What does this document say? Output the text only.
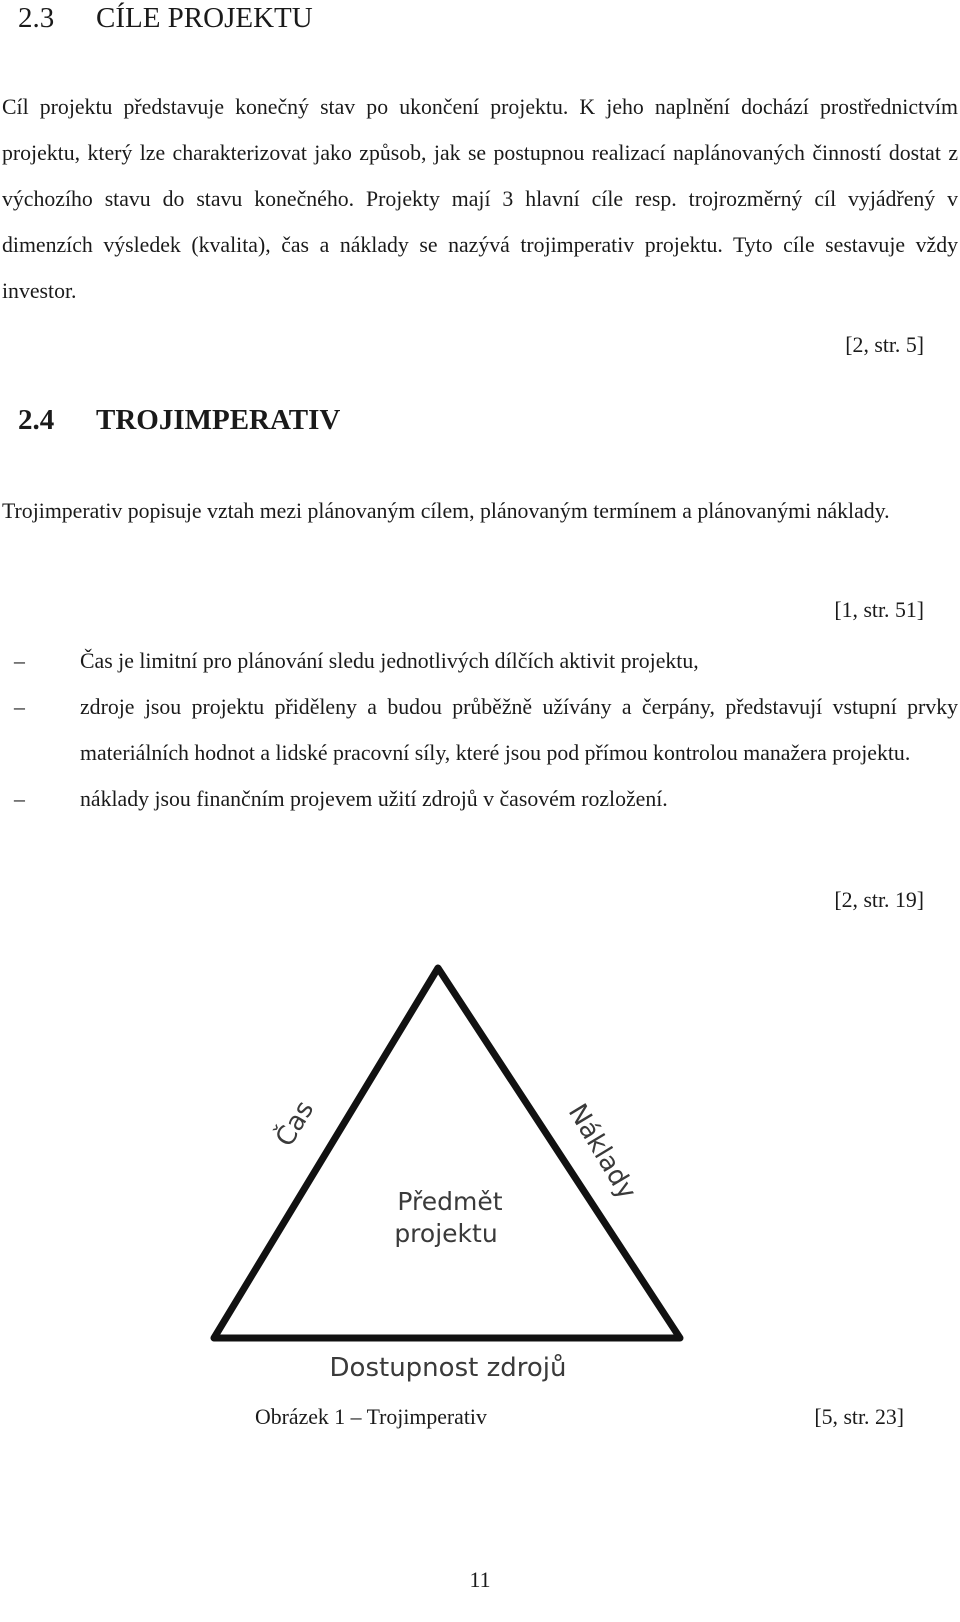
2.3 CÍLE PROJEKTU

Cíl projektu představuje konečný stav po ukončení projektu. K jeho naplnění dochází prostřednictvím projektu, který lze charakterizovat jako způsob, jak se postupnou realizací naplánovaných činností dostat z výchozího stavu do stavu konečného. Projekty mají 3 hlavní cíle resp. trojrozměrný cíl vyjádřený v dimenzích výsledek (kvalita), čas a náklady se nazývá trojimperativ projektu. Tyto cíle sestavuje vždy investor.

[2, str. 5]
2.4 TROJIMPERATIV

Trojimperativ popisuje vztah mezi plánovaným cílem, plánovaným termínem a plánovanými náklady.

[1, str. 51]
–	Čas je limitní pro plánování sledu jednotlivých dílčích aktivit projektu,
–	zdroje jsou projektu přiděleny a budou průběžně užívány a čerpány, představují vstupní prvky materiálních hodnot a lidské pracovní síly, které jsou pod přímou kontrolou manažera projektu.
–	náklady jsou finančním projevem užití zdrojů v časovém rozložení.
[2, str. 19]
Čas	Náklady
Předmět
projektu
Dostupnost zdrojů
Obrázek 1 – Trojimperativ	[5, str. 23]
11
